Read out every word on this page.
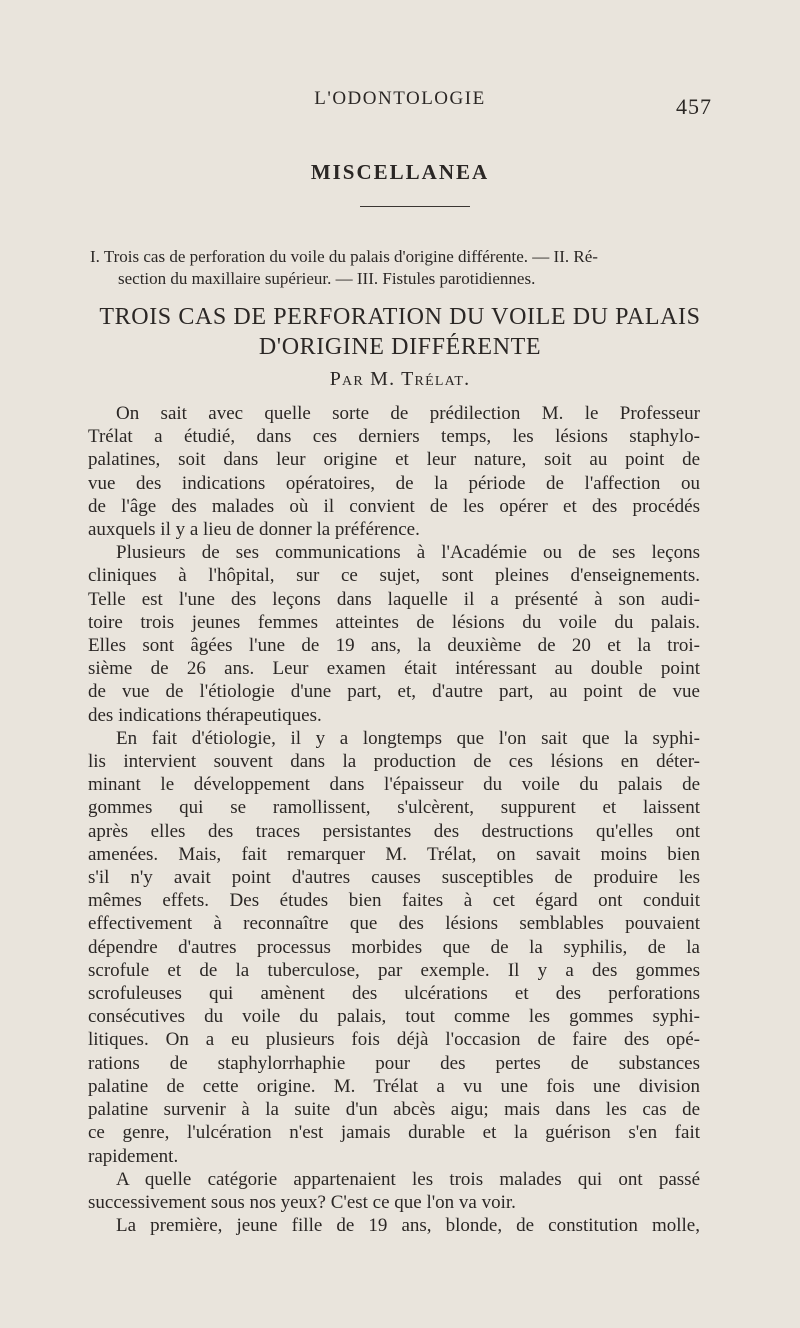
L'ODONTOLOGIE	457
MISCELLANEA
I. Trois cas de perforation du voile du palais d'origine différente. — II. Ré-
section du maxillaire supérieur. — III. Fistules parotidiennes.
TROIS CAS DE PERFORATION DU VOILE DU PALAIS
D'ORIGINE DIFFÉRENTE
Par M. Trélat.

On sait avec quelle sorte de prédilection M. le Professeur
Trélat a étudié, dans ces derniers temps, les lésions staphylo-
palatines, soit dans leur origine et leur nature, soit au point de
vue des indications opératoires, de la période de l'affection ou
de l'âge des malades où il convient de les opérer et des procédés
auxquels il y a lieu de donner la préférence.

Plusieurs de ses communications à l'Académie ou de ses leçons
cliniques à l'hôpital, sur ce sujet, sont pleines d'enseignements.
Telle est l'une des leçons dans laquelle il a présenté à son audi-
toire trois jeunes femmes atteintes de lésions du voile du palais.
Elles sont âgées l'une de 19 ans, la deuxième de 20 et la troi-
sième de 26 ans. Leur examen était intéressant au double point
de vue de l'étiologie d'une part, et, d'autre part, au point de vue
des indications thérapeutiques.

En fait d'étiologie, il y a longtemps que l'on sait que la syphi-
lis intervient souvent dans la production de ces lésions en déter-
minant le développement dans l'épaisseur du voile du palais de
gommes qui se ramollissent, s'ulcèrent, suppurent et laissent
après elles des traces persistantes des destructions qu'elles ont
amenées. Mais, fait remarquer M. Trélat, on savait moins bien
s'il n'y avait point d'autres causes susceptibles de produire les
mêmes effets. Des études bien faites à cet égard ont conduit
effectivement à reconnaître que des lésions semblables pouvaient
dépendre d'autres processus morbides que de la syphilis, de la
scrofule et de la tuberculose, par exemple. Il y a des gommes
scrofuleuses qui amènent des ulcérations et des perforations
consécutives du voile du palais, tout comme les gommes syphi-
litiques. On a eu plusieurs fois déjà l'occasion de faire des opé-
rations de staphylorrhaphie pour des pertes de substances
palatine de cette origine. M. Trélat a vu une fois une division
palatine survenir à la suite d'un abcès aigu; mais dans les cas de
ce genre, l'ulcération n'est jamais durable et la guérison s'en fait
rapidement.

A quelle catégorie appartenaient les trois malades qui ont passé
successivement sous nos yeux? C'est ce que l'on va voir.

La première, jeune fille de 19 ans, blonde, de constitution molle,
